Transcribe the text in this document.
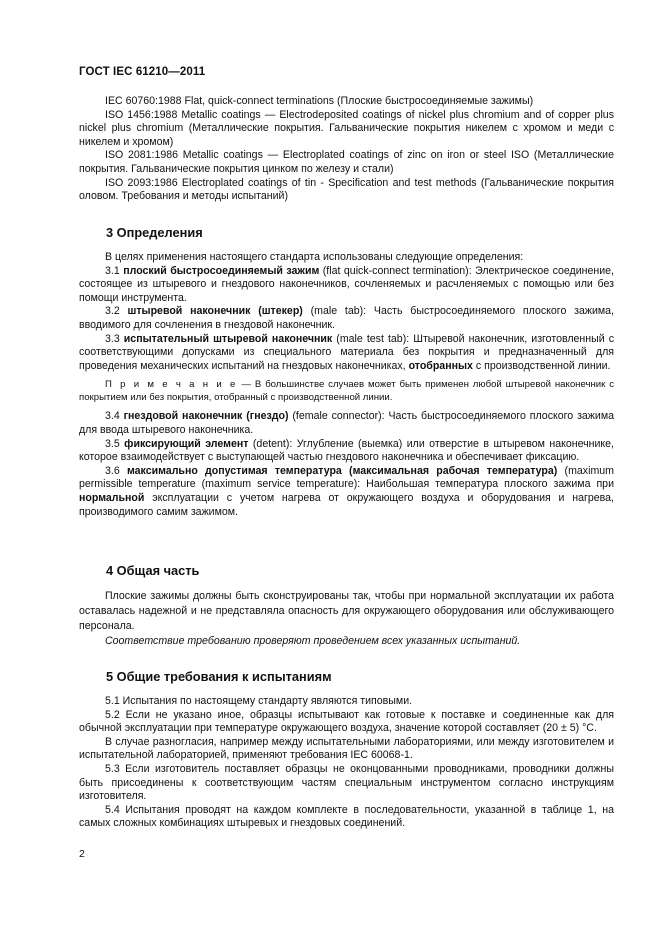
ГОСТ IEC 61210—2011

IEC 60760:1988 Flat, quick-connect terminations (Плоские быстросоединяемые зажимы)

ISO 1456:1988 Metallic coatings — Electrodeposited coatings of nickel plus chromium and of copper plus nickel plus chromium (Металлические покрытия. Гальванические покрытия никелем с хромом и меди с никелем и хромом)

ISO 2081:1986 Metallic coatings — Electroplated coatings of zinc on iron or steel ISO (Металлические покрытия. Гальванические покрытия цинком по железу и стали)

ISO 2093:1986 Electroplated coatings of tin - Specification and test methods (Гальванические покрытия оловом. Требования и методы испытаний)

3 Определения

В целях применения настоящего стандарта использованы следующие определения:

3.1 плоский быстросоединяемый зажим (flat quick-connect termination): Электрическое соединение, состоящее из штыревого и гнездового наконечников, сочленяемых и расчленяемых с помощью или без помощи инструмента.

3.2 штыревой наконечник (штекер) (male tab): Часть быстросоединяемого плоского зажима, вводимого для сочленения в гнездовой наконечник.

3.3 испытательный штыревой наконечник (male test tab): Штыревой наконечник, изготовленный с соответствующими допусками из специального материала без покрытия и предназначенный для проведения механических испытаний на гнездовых наконечниках, отобранных с производственной линии.

П р и м е ч а н и е — В большинстве случаев может быть применен любой штыревой наконечник с покрытием или без покрытия, отобранный с производственной линии.

3.4 гнездовой наконечник (гнездо) (female connector): Часть быстросоединяемого плоского зажима для ввода штыревого наконечника.

3.5 фиксирующий элемент (detent): Углубление (выемка) или отверстие в штыревом наконечнике, которое взаимодействует с выступающей частью гнездового наконечника и обеспечивает фиксацию.

3.6 максимально допустимая температура (максимальная рабочая температура) (maximum permissible temperature (maximum service temperature): Наибольшая температура плоского зажима при нормальной эксплуатации с учетом нагрева от окружающего воздуха и оборудования и нагрева, производимого самим зажимом.

4 Общая часть

Плоские зажимы должны быть сконструированы так, чтобы при нормальной эксплуатации их работа оставалась надежной и не представляла опасность для окружающего оборудования или обслуживающего персонала.

Соответствие требованию проверяют проведением всех указанных испытаний.

5 Общие требования к испытаниям

5.1 Испытания по настоящему стандарту являются типовыми.

5.2 Если не указано иное, образцы испытывают как готовые к поставке и соединенные как для обычной эксплуатации при температуре окружающего воздуха, значение которой составляет (20 ± 5) °С.

В случае разногласия, например между испытательными лабораториями, или между изготовителем и испытательной лабораторией, применяют требования IEC 60068-1.

5.3 Если изготовитель поставляет образцы не оконцованными проводниками, проводники должны быть присоединены к соответствующим частям специальным инструментом согласно инструкциям изготовителя.

5.4 Испытания проводят на каждом комплекте в последовательности, указанной в таблице 1, на самых сложных комбинациях штыревых и гнездовых соединений.

2
